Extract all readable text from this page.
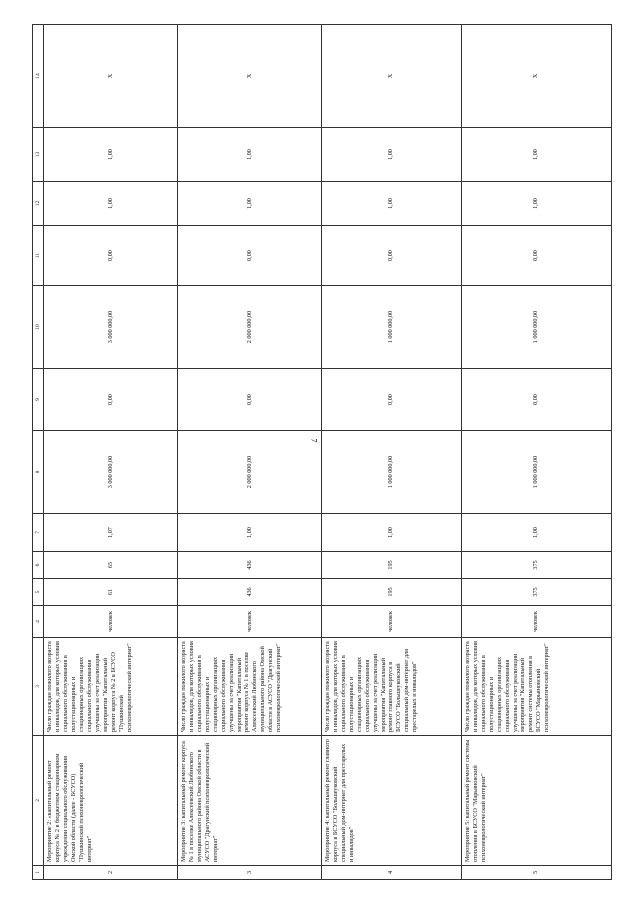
7
1	2	3	4	5	6	7	8	9	10	11	12	13	14
2	Мероприятие 2: «капитальный ремонт корпуса № 2 в бюджетном стационарном учреждении социального обслуживания Омской области (далее - БСУСО) "Пушкинский психоневрологический интернат"	Число граждан пожилого возраста и инвалидов, для которых условия социального обслуживания в полустационарных и стационарных организациях социального обслуживания улучшены за счет реализации мероприятия "Капитальный ремонт корпуса № 2 в БСУСО "Пушкинский психоневрологический интернат"	человек	61	65	1,07	3 000 000,00	0,00	3 000 000,00	0,00	1,00	1,00	Х
3	Мероприятие 3: капитальный ремонт корпуса № 1 в поселке Алексеевский Любинского муниципального района Омской области в АСУСО "Драгунский психоневрологический интернат"	Число граждан пожилого возраста и инвалидов, для которых условия социального обслуживания в полустационарных и стационарных организациях социального обслуживания улучшены за счет реализации мероприятия "Капитальный ремонт корпуса № 1 в поселке Алексеевский Любинского муниципального района Омской области в АСУСО "Драгунский психоневрологический интернат"	человек	436	436	1,00	2 000 000,00	0,00	2 000 000,00	0,00	1,00	1,00	Х
4	Мероприятие 4: капитальный ремонт главного корпуса в БСУСО "Большеуковский специальный дом-интернат для престарелых и инвалидов"	Число граждан пожилого возраста и инвалидов, для которых условия социального обслуживания в полустационарных и стационарных организациях социального обслуживания улучшены за счет реализации мероприятия "Капитальный ремонт главного корпуса в БСУСО "Большеуковский специальный дом-интернат для престарелых и инвалидов"	человек	195	195	1,00	1 000 000,00	0,00	1 000 000,00	0,00	1,00	1,00	Х
5	Мероприятие 5: капитальный ремонт системы отопления в БСУСО "Марьяновский психоневрологический интернат"	Число граждан пожилого возраста и инвалидов, для которых условия социального обслуживания в полустационарных и стационарных организациях социального обслуживания улучшены за счет реализации мероприятия "Капитальный ремонт системы отопления в БСУСО "Марьяновский психоневрологический интернат"	человек	375	375	1,00	1 000 000,00	0,00	1 000 000,00	0,00	1,00	1,00	Х
